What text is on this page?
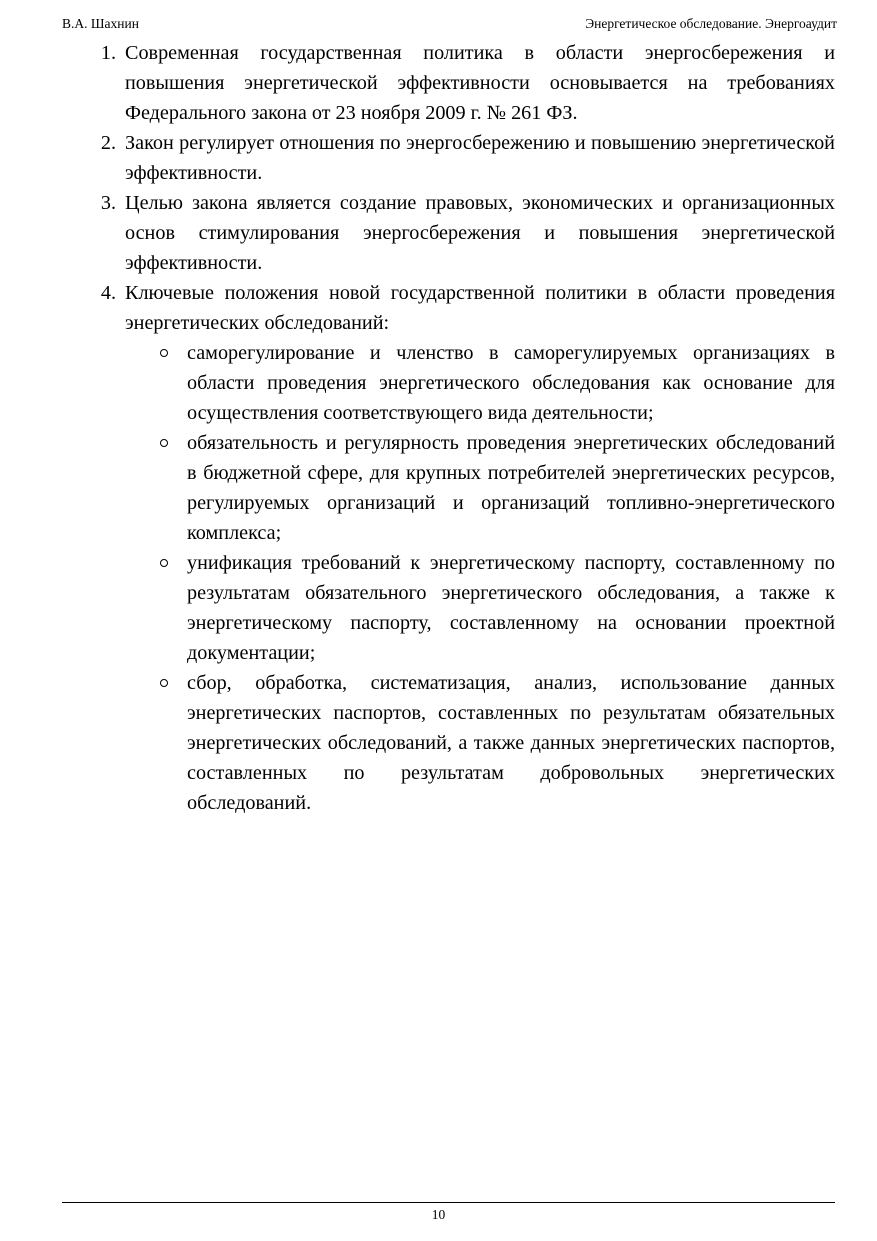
В.А. Шахнин	Энергетическое обследование. Энергоаудит
1. Современная государственная политика в области энергосбережения и повышения энергетической эффективности основывается на требованиях Федерального закона от 23 ноября 2009 г. № 261 ФЗ.
2. Закон регулирует отношения по энергосбережению и повышению энергетической эффективности.
3. Целью закона является создание правовых, экономических и организационных основ стимулирования энергосбережения и повышения энергетической эффективности.
4. Ключевые положения новой государственной политики в области проведения энергетических обследований:
саморегулирование и членство в саморегулируемых организациях в области проведения энергетического обследования как основание для осуществления соответствующего вида деятельности;
обязательность и регулярность проведения энергетических обследований в бюджетной сфере, для крупных потребителей энергетических ресурсов, регулируемых организаций и организаций топливно-энергетического комплекса;
унификация требований к энергетическому паспорту, составленному по результатам обязательного энергетического обследования, а также к энергетическому паспорту, составленному на основании проектной документации;
сбор, обработка, систематизация, анализ, использование данных энергетических паспортов, составленных по результатам обязательных энергетических обследований, а также данных энергетических паспортов, составленных по результатам добровольных энергетических обследований.
10
